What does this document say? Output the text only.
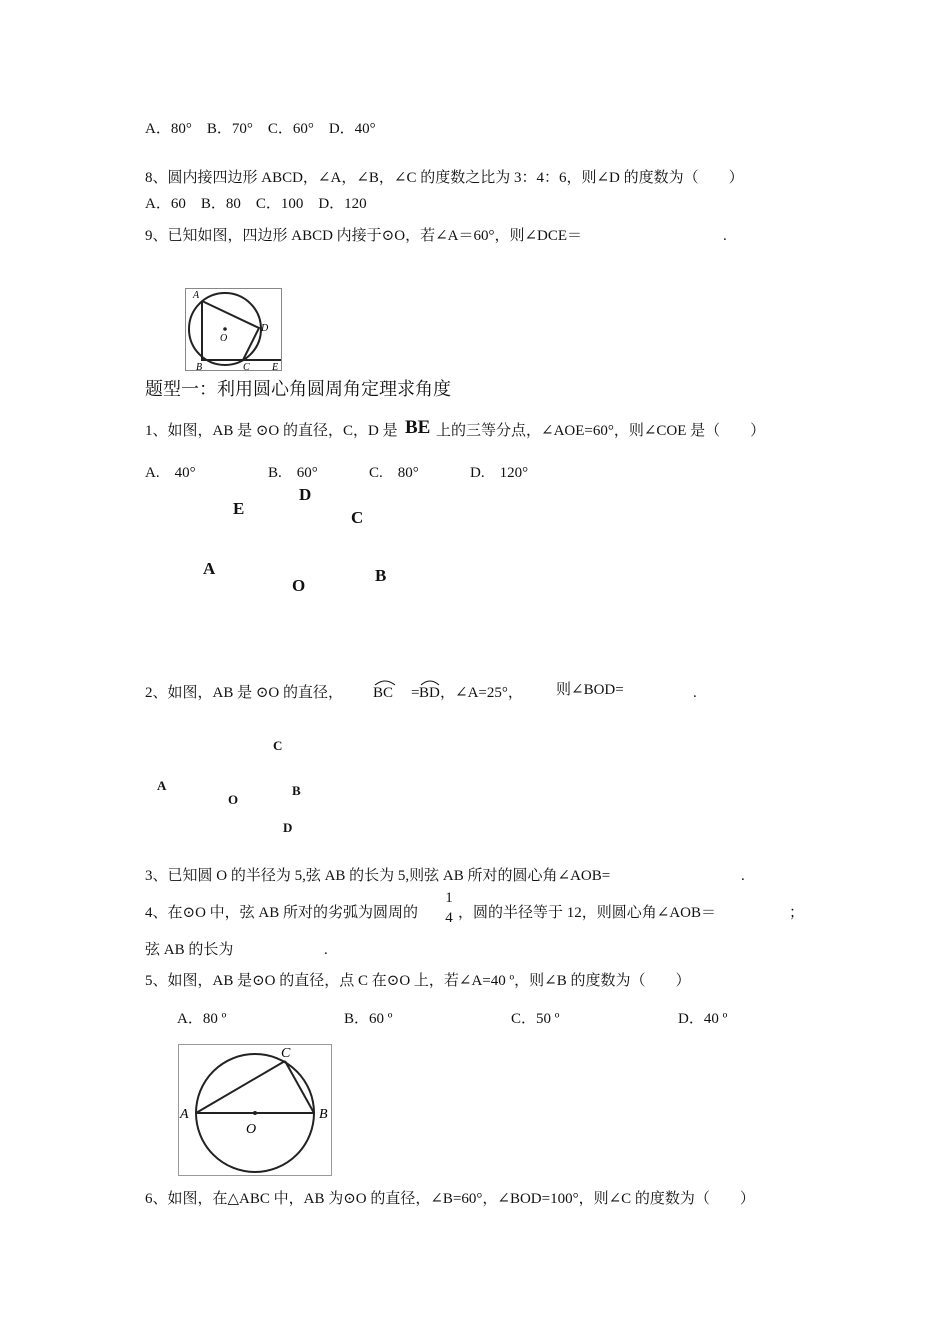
A．80°　B．70°　C．60°　D．40°
8、圆内接四边形 ABCD，∠A，∠B，∠C 的度数之比为 3：4：6，则∠D 的度数为（　　）
A．60　B．80　C．100　D．120
9、已知如图，四边形 ABCD 内接于⊙O，若∠A＝60°，则∠DCE＝	.
A
D
O
B	C E
题型一：利用圆心角圆周角定理求角度
1、如图，AB 是 ⊙O 的直径，C，D 是 BE 上的三等分点，∠AOE=60°，则∠COE 是（　　）
A.　40°	B.　60°	C.　80°	D.　120°
D
E	C
A	B
O
2、如图，AB 是 ⊙O 的直径， BC = BD ，∠A=25°， 则∠BOD=	.
C
A	B
O
D
3、已知圆 O 的半径为 5,弦 AB 的长为 5,则弦 AB 所对的圆心角∠AOB=	.
4、在⊙O 中，弦 AB 所对的劣弧为圆周的
1
4 ，圆的半径等于 12，则圆心角∠AOB＝	；
弦 AB 的长为	.
5、如图，AB 是⊙O 的直径，点 C 在⊙O 上，若∠A=40 º，则∠B 的度数为（　　）
A．80 º	B．60 º	C．50 º	D．40 º
A	B
C
O
6、如图，在△ABC 中，AB 为⊙O 的直径，∠B=60°，∠BOD=100°，则∠C 的度数为（　　）
